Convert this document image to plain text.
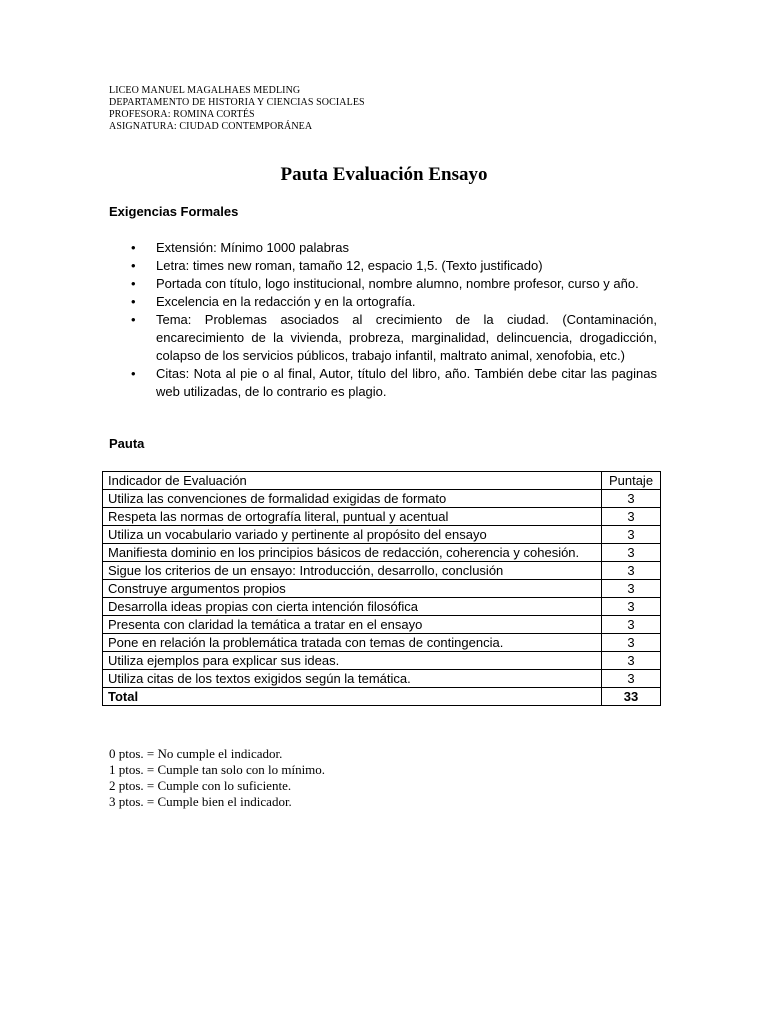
LICEO MANUEL MAGALHAES MEDLING
DEPARTAMENTO DE HISTORIA Y CIENCIAS SOCIALES
PROFESORA: ROMINA CORTÉS
ASIGNATURA: CIUDAD CONTEMPORÁNEA
Pauta Evaluación Ensayo
Exigencias Formales
• Extensión: Mínimo 1000 palabras
• Letra: times new roman, tamaño 12, espacio 1,5. (Texto justificado)
• Portada con título, logo institucional, nombre alumno, nombre profesor, curso y año.
• Excelencia en la redacción y en la ortografía.
• Tema: Problemas asociados al crecimiento de la ciudad. (Contaminación, encarecimiento de la vivienda, probreza, marginalidad, delincuencia, drogadicción, colapso de los servicios públicos, trabajo infantil, maltrato animal, xenofobia, etc.)
• Citas: Nota al pie o al final, Autor, título del libro, año. También debe citar las paginas web utilizadas, de lo contrario es plagio.
Pauta
Indicador de Evaluación	Puntaje
Utiliza las convenciones de formalidad exigidas de formato	3
Respeta las normas de ortografía literal, puntual y acentual	3
Utiliza un vocabulario variado y pertinente al propósito del ensayo	3
Manifiesta dominio en los principios básicos de redacción, coherencia y cohesión.	3
Sigue los criterios de un ensayo: Introducción, desarrollo, conclusión	3
Construye argumentos propios	3
Desarrolla ideas propias con cierta intención filosófica	3
Presenta con claridad la temática a tratar en el ensayo	3
Pone en relación la problemática tratada con temas de contingencia.	3
Utiliza ejemplos para explicar sus ideas.	3
Utiliza citas de los textos exigidos según la temática.	3
Total	33
0 ptos. = No cumple el indicador.
1 ptos. = Cumple tan solo con lo mínimo.
2 ptos. = Cumple con lo suficiente.
3 ptos. = Cumple bien el indicador.
